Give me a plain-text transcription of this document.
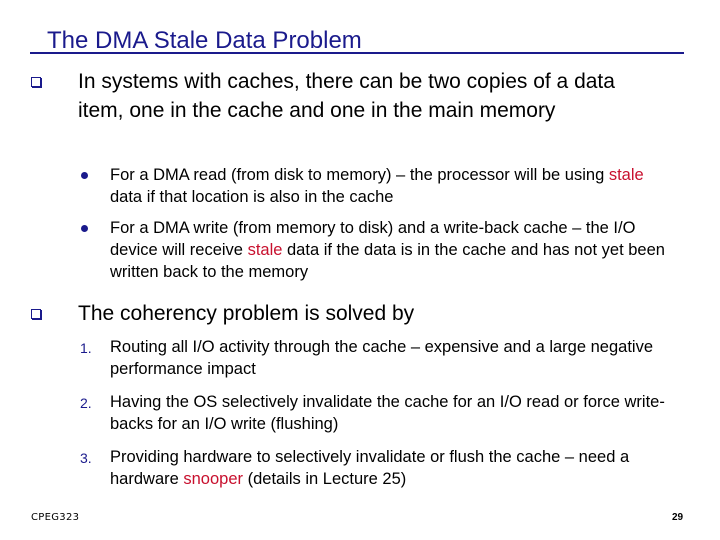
The DMA Stale Data Problem

In systems with caches, there can be two copies of a data item, one in the cache and one in the main memory

For a DMA read (from disk to memory) – the processor will be using stale data if that location is also in the cache

For a DMA write (from memory to disk) and a write-back cache – the I/O device will receive stale data if the data is in the cache and has not yet been written back to the memory

The coherency problem is solved by

1. Routing all I/O activity through the cache – expensive and a large negative performance impact

2. Having the OS selectively invalidate the cache for an I/O read or force write-backs for an I/O write (flushing)

3. Providing hardware to selectively invalidate or flush the cache – need a hardware snooper (details in Lecture 25)

CPEG323	29
